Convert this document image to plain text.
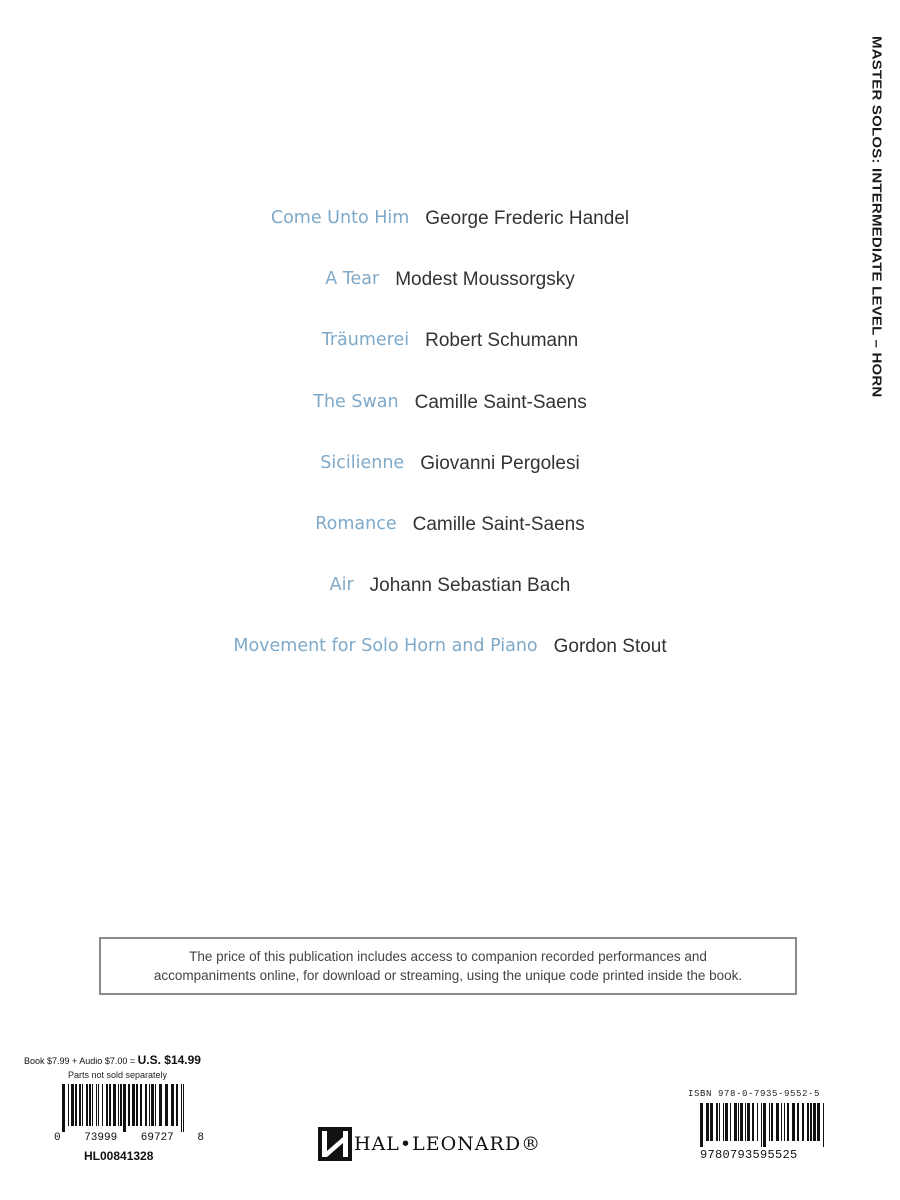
MASTER SOLOS: INTERMEDIATE LEVEL – HORN
Come Unto Him George Frederic Handel
A Tear Modest Moussorgsky
Träumerei Robert Schumann
The Swan Camille Saint-Saens
Sicilienne Giovanni Pergolesi
Romance Camille Saint-Saens
Air Johann Sebastian Bach
Movement for Solo Horn and Piano Gordon Stout
The price of this publication includes access to companion recorded performances and
accompaniments online, for download or streaming, using the unique code printed inside the book.
Book $7.99 + Audio $7.00 = U.S. $14.99
Parts not sold separately
0 73999 69727 8
HL00841328
HAL•LEONARD®
ISBN 978-0-7935-9552-5
9780793595525
